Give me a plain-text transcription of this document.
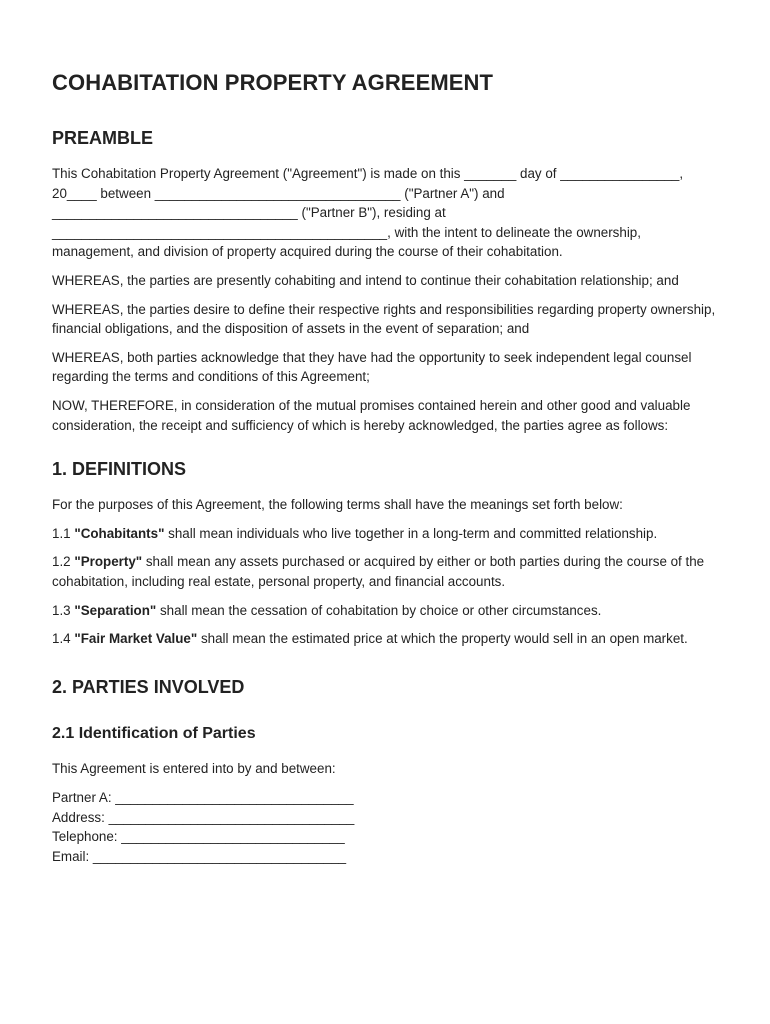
COHABITATION PROPERTY AGREEMENT
PREAMBLE

This Cohabitation Property Agreement ("Agreement") is made on this _______ day of ________________, 20____ between _________________________________ ("Partner A") and _________________________________ ("Partner B"), residing at _____________________________________________, with the intent to delineate the ownership, management, and division of property acquired during the course of their cohabitation.

WHEREAS, the parties are presently cohabiting and intend to continue their cohabitation relationship; and

WHEREAS, the parties desire to define their respective rights and responsibilities regarding property ownership, financial obligations, and the disposition of assets in the event of separation; and

WHEREAS, both parties acknowledge that they have had the opportunity to seek independent legal counsel regarding the terms and conditions of this Agreement;

NOW, THEREFORE, in consideration of the mutual promises contained herein and other good and valuable consideration, the receipt and sufficiency of which is hereby acknowledged, the parties agree as follows:

1. DEFINITIONS

For the purposes of this Agreement, the following terms shall have the meanings set forth below:

1.1 "Cohabitants" shall mean individuals who live together in a long-term and committed relationship.

1.2 "Property" shall mean any assets purchased or acquired by either or both parties during the course of the cohabitation, including real estate, personal property, and financial accounts.

1.3 "Separation" shall mean the cessation of cohabitation by choice or other circumstances.

1.4 "Fair Market Value" shall mean the estimated price at which the property would sell in an open market.

2. PARTIES INVOLVED
2.1 Identification of Parties

This Agreement is entered into by and between:

Partner A: ________________________________

Address: _________________________________

Telephone: ______________________________

Email: __________________________________
